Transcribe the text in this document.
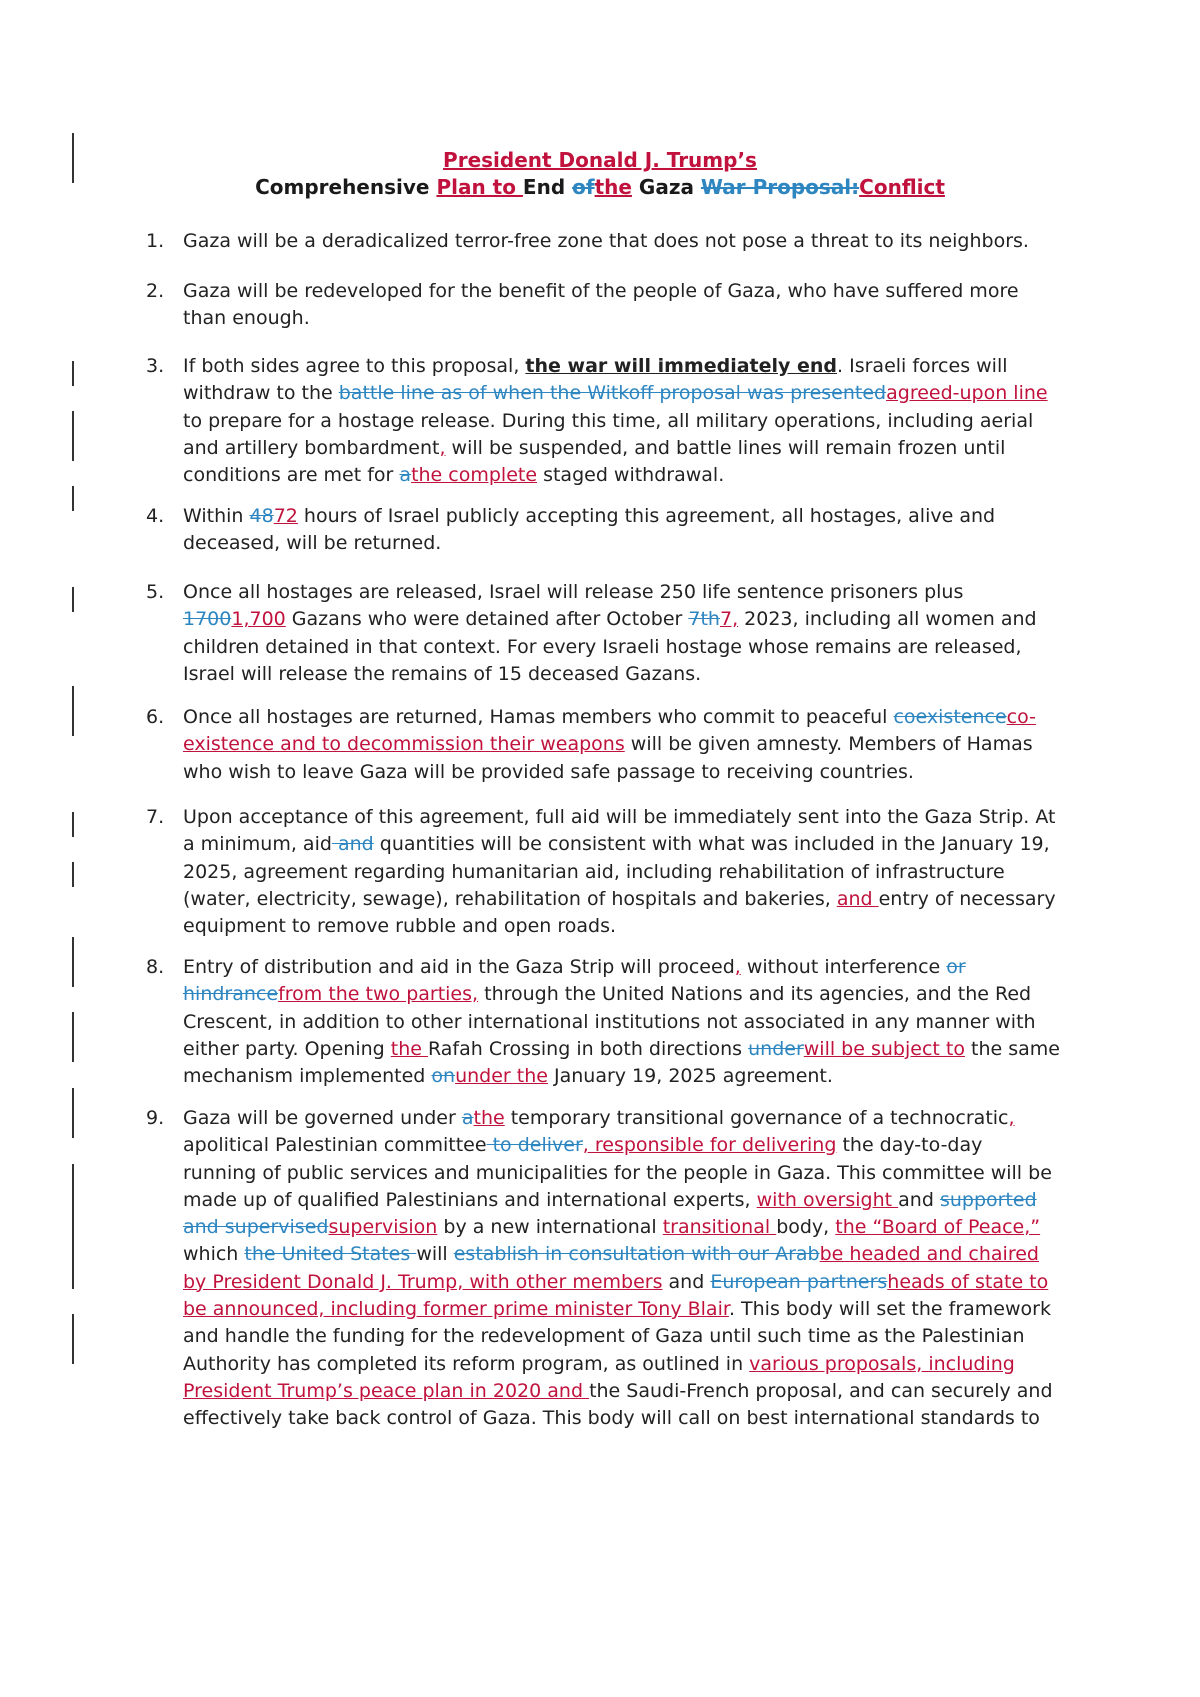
President Donald J. Trump’s
Comprehensive Plan to End ofthe Gaza War Proposal:Conflict
1. Gaza will be a deradicalized terror-free zone that does not pose a threat to its neighbors.
2. Gaza will be redeveloped for the benefit of the people of Gaza, who have suffered more than enough.
3. If both sides agree to this proposal, the war will immediately end. Israeli forces will withdraw to the battle line as of when the Witkoff proposal was presentedagreed-upon line to prepare for a hostage release. During this time, all military operations, including aerial and artillery bombardment, will be suspended, and battle lines will remain frozen until conditions are met for athe complete staged withdrawal.
4. Within 4872 hours of Israel publicly accepting this agreement, all hostages, alive and deceased, will be returned.
5. Once all hostages are released, Israel will release 250 life sentence prisoners plus 17001,700 Gazans who were detained after October 7th7, 2023, including all women and children detained in that context. For every Israeli hostage whose remains are released, Israel will release the remains of 15 deceased Gazans.
6. Once all hostages are returned, Hamas members who commit to peaceful coexistenceco-existence and to decommission their weapons will be given amnesty. Members of Hamas who wish to leave Gaza will be provided safe passage to receiving countries.
7. Upon acceptance of this agreement, full aid will be immediately sent into the Gaza Strip. At a minimum, aid and quantities will be consistent with what was included in the January 19, 2025, agreement regarding humanitarian aid, including rehabilitation of infrastructure (water, electricity, sewage), rehabilitation of hospitals and bakeries, and entry of necessary equipment to remove rubble and open roads.
8. Entry of distribution and aid in the Gaza Strip will proceed, without interference or hindrancefrom the two parties, through the United Nations and its agencies, and the Red Crescent, in addition to other international institutions not associated in any manner with either party. Opening the Rafah Crossing in both directions underwill be subject to the same mechanism implemented onunder the January 19, 2025 agreement.
9. Gaza will be governed under athe temporary transitional governance of a technocratic, apolitical Palestinian committee to deliver, responsible for delivering the day-to-day running of public services and municipalities for the people in Gaza. This committee will be made up of qualified Palestinians and international experts, with oversight and supported and supervisedsupervision by a new international transitional body, the “Board of Peace,” which the United States will establish in consultation with our Arabbe headed and chaired by President Donald J. Trump, with other members and European partnersheads of state to be announced, including former prime minister Tony Blair. This body will set the framework and handle the funding for the redevelopment of Gaza until such time as the Palestinian Authority has completed its reform program, as outlined in various proposals, including President Trump’s peace plan in 2020 and the Saudi-French proposal, and can securely and effectively take back control of Gaza. This body will call on best international standards to
